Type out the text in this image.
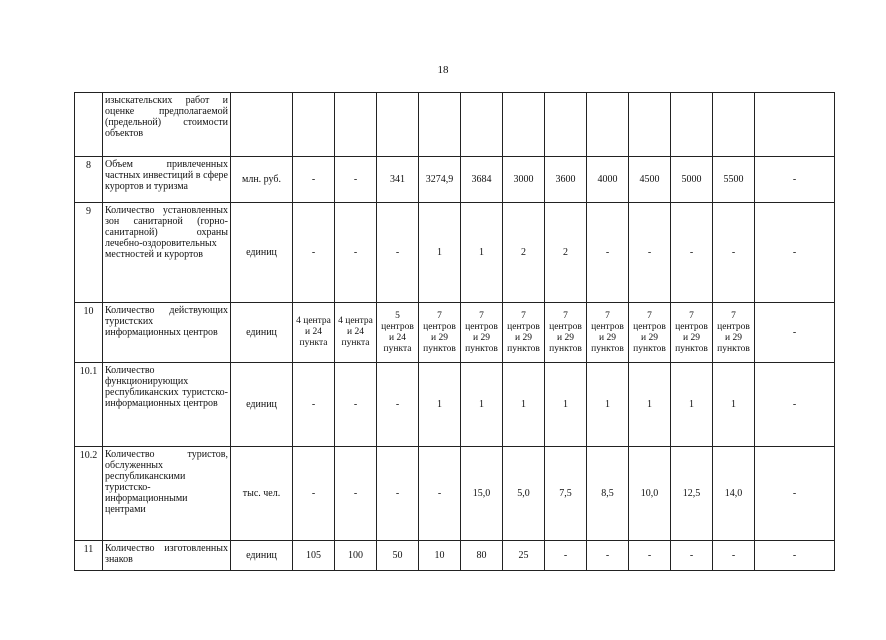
18
	изыскательских работ и оценке предполагаемой (предельной) стоимости объектов													
8	Объем привлеченных частных инвестиций в сфере курортов и туризма	млн. руб.	-	-	341	3274,9	3684	3000	3600	4000	4500	5000	5500	-
9	Количество установленных зон санитарной (горно-санитарной) охраны лечебно-оздоровительных местностей и курортов	единиц	-	-	-	1	1	2	2	-	-	-	-	-
10	Количество действующих туристских информационных центров	единиц	4 центра и 24 пункта	4 центра и 24 пункта	5 центров и 24 пункта	7 центров и 29 пунктов	7 центров и 29 пунктов	7 центров и 29 пунктов	7 центров и 29 пунктов	7 центров и 29 пунктов	7 центров и 29 пунктов	7 центров и 29 пунктов	7 центров и 29 пунктов	-
10.1	Количество функционирующих республиканских туристско-информационных центров	единиц	-	-	-	1	1	1	1	1	1	1	1	-
10.2	Количество туристов, обслуженных республиканскими туристско-информационными центрами	тыс. чел.	-	-	-	-	15,0	5,0	7,5	8,5	10,0	12,5	14,0	-
11	Количество изготовленных знаков	единиц	105	100	50	10	80	25	-	-	-	-	-	-
